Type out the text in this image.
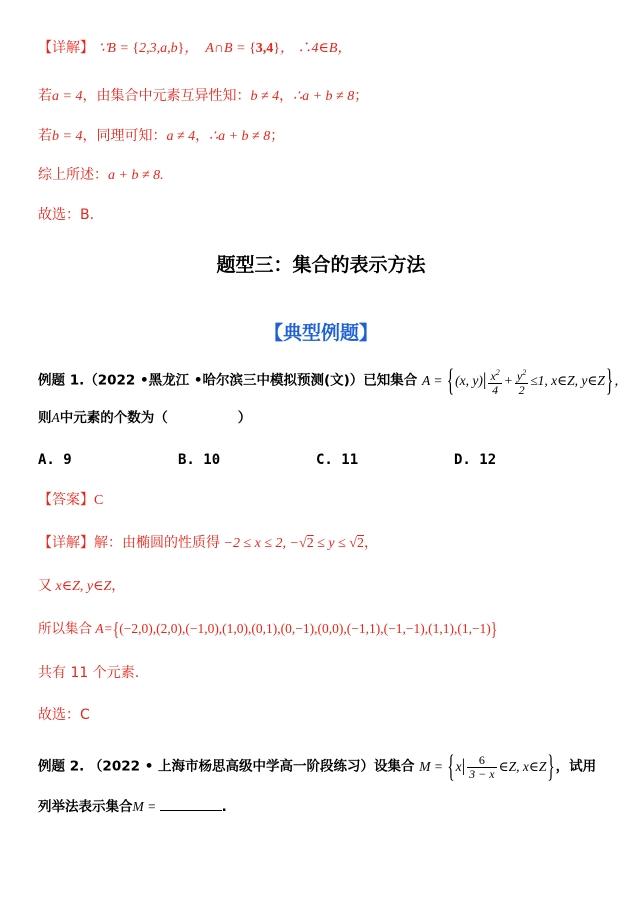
【详解】 ∵B = {2,3,a,b}，  A∩B = {3,4}， ∴4∈B，
若a = 4，由集合中元素互异性知：b ≠ 4，∴a + b ≠ 8；
若b = 4，同理可知：a ≠ 4，∴a + b ≠ 8；
综上所述：a + b ≠ 8.
故选：B.
题型三：集合的表示方法
【典型例题】
例题 1.（2022 •黑龙江 •哈尔滨三中模拟预测(文)）已知集合 A = {(x, $y)| \frac{x^2}{4} + \frac{y^2}{2} \le 1$, x∈Z, y∈Z}，
则A中元素的个数为（	）
A. 9	B. 10	C. 11	D. 12
【答案】C
【详解】解：由椭圆的性质得 −2 ≤ x ≤ 2, −√2 ≤ y ≤ √2，
又 x∈Z, y∈Z，
所以集合 A={(−2,0),(2,0),(−1,0),(1,0),(0,1),(0,−1),(0,0),(−1,1),(−1,−1),(1,1),(1,−1)}
共有 11 个元素.
故选：C
例题 2. （2022 • 上海市杨思高级中学高一阶段练习）设集合 $M = \{x| \frac{6}{3 - x}$ ∈Z, x∈Z}，试用
列举法表示集合M =	.
